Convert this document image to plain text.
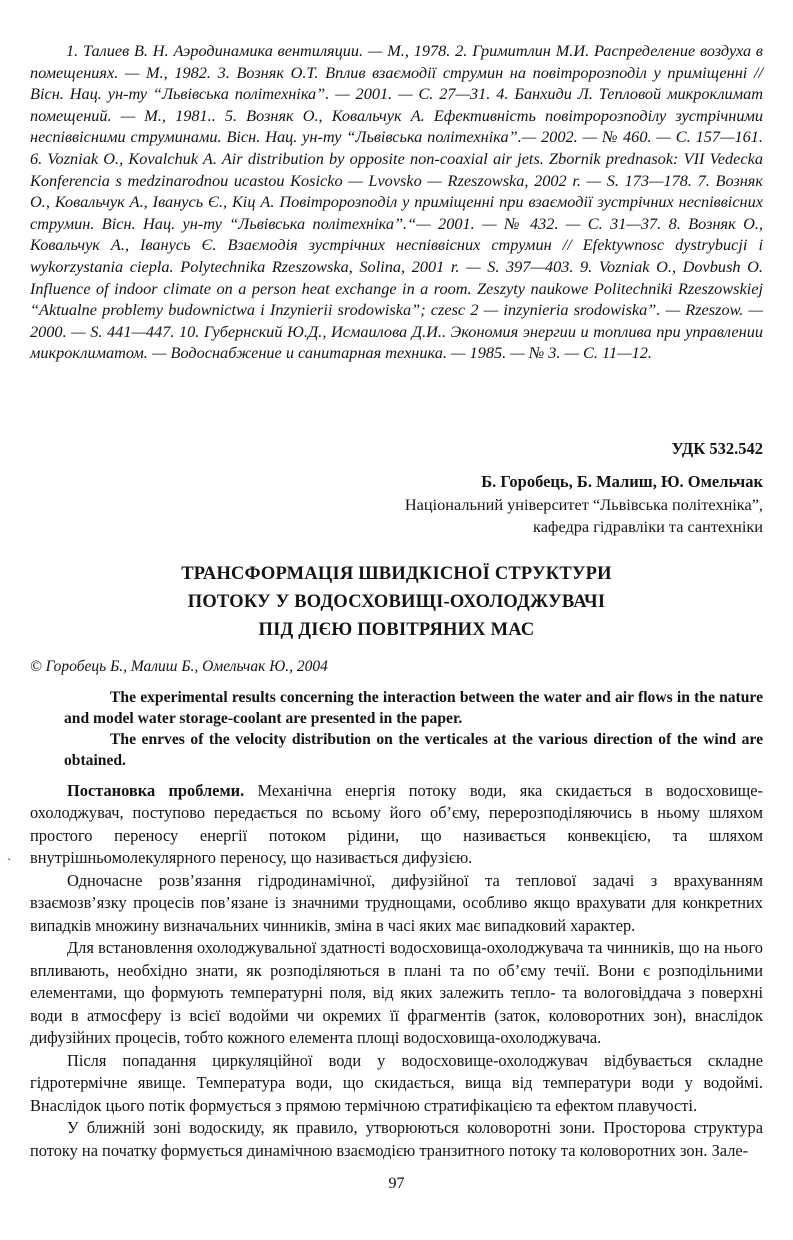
1. Талиев В. Н. Аэродинамика вентиляции. — М., 1978. 2. Гримитлин М.И. Распределение воздуха в помещениях. — М., 1982. 3. Возняк О.Т. Вплив взаємодії струмин на повітророзподіл у приміщенні // Вісн. Нац. ун-ту “Львівська політехніка”. — 2001. — С. 27—31. 4. Банхиди Л. Тепловой микроклимат помещений. — М., 1981.. 5. Возняк О., Ковальчук А. Ефективність повітророзподілу зустрічними неспіввісними струминами. Вісн. Нац. ун-ту “Львівська політехніка”.— 2002. — № 460. — С. 157—161. 6. Vozniak O., Kovalchuk A. Air distribution by opposite non-coaxial air jets. Zbornik prednasok: VII Vedecka Konferencia s medzinarodnou ucastou Kosicko — Lvovsko — Rzeszowska, 2002 r. — S. 173—178. 7. Возняк О., Ковальчук А., Іванусь Є., Кіц А. Повітророзподіл у приміщенні при взаємодії зустрічних неспіввісних струмин. Вісн. Нац. ун-ту “Львівська політехніка”.“— 2001. — № 432. — С. 31—37. 8. Возняк О., Ковальчук А., Іванусь Є. Взаємодія зустрічних неспіввісних струмин // Efektywnosc dystrybucji i wykorzystania ciepla. Polytechnika Rzeszowska, Solina, 2001 r. — S. 397—403. 9. Vozniak O., Dovbush O. Influence of indoor climate on a person heat exchange in a room. Zeszyty naukowe Politechniki Rzeszowskiej “Aktualne problemy budownictwa i Inzynierii srodowiska”; czesc 2 — inzynieria srodowiska”. — Rzeszow. — 2000. — S. 441—447. 10. Губернский Ю.Д., Исмаилова Д.И.. Экономия энергии и топлива при управлении микроклиматом. — Водоснабжение и санитарная техника. — 1985. — № 3. — С. 11—12.

УДК 532.542
Б. Горобець, Б. Малиш, Ю. Омельчак
Національний університет “Львівська політехніка”,
кафедра гідравліки та сантехніки
ТРАНСФОРМАЦІЯ ШВИДКІСНОЇ СТРУКТУРИ
ПОТОКУ У ВОДОСХОВИЩІ-ОХОЛОДЖУВАЧІ
ПІД ДІЄЮ ПОВІТРЯНИХ МАС
© Горобець Б., Малиш Б., Омельчак Ю., 2004

The experimental results concerning the interaction between the water and air flows in the nature and model water storage-coolant are presented in the paper.

The enrves of the velocity distribution on the verticales at the various direction of the wind are obtained.

Постановка проблеми. Механічна енергія потоку води, яка скидається в водосховище-охолоджувач, поступово передається по всьому його об’єму, перерозподіляючись в ньому шляхом простого переносу енергії потоком рідини, що називається конвекцією, та шляхом внутрішньомолекулярного переносу, що називається дифузією.

Одночасне розв’язання гідродинамічної, дифузійної та теплової задачі з врахуванням взаємозв’язку процесів пов’язане із значними труднощами, особливо якщо врахувати для конкретних випадків множину визначальних чинників, зміна в часі яких має випадковий характер.

Для встановлення охолоджувальної здатності водосховища-охолоджувача та чинників, що на нього впливають, необхідно знати, як розподіляються в плані та по об’єму течії. Вони є розподільними елементами, що формують температурні поля, від яких залежить тепло- та вологовіддача з поверхні води в атмосферу із всієї водойми чи окремих її фрагментів (заток, коловоротних зон), внаслідок дифузійних процесів, тобто кожного елемента площі водосховища-охолоджувача.

Після попадання циркуляційної води у водосховище-охолоджувач відбувається складне гідротермічне явище. Температура води, що скидається, вища від температури води у водоймі. Внаслідок цього потік формується з прямою термічною стратифікацією та ефектом плавучості.

У ближній зоні водоскиду, як правило, утворюються коловоротні зони. Просторова структура потоку на початку формується динамічною взаємодією транзитного потоку та коловоротних зон. Зале-

ˏ
97
